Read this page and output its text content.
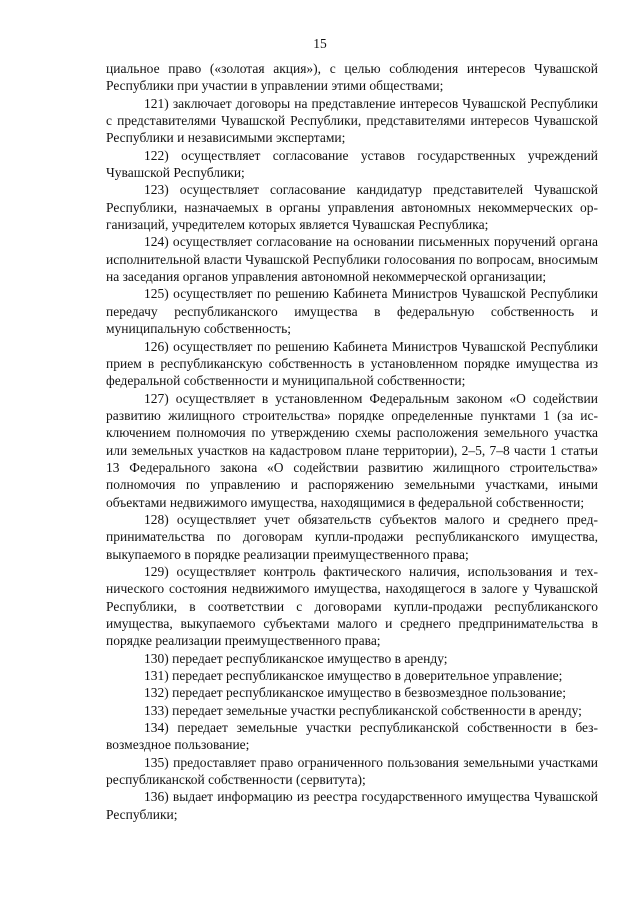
15

циальное право («золотая акция»), с целью соблюдения интересов Чувашской Республики при участии в управлении этими обществами;

121) заключает договоры на представление интересов Чувашской Республики с представителями Чувашской Республики, представителями интересов Чувашской Республики и независимыми экспертами;

122) осуществляет согласование уставов государственных учреждений Чувашской Республики;

123) осуществляет согласование кандидатур представителей Чувашской Республики, назначаемых в органы управления автономных некоммерческих организаций, учредителем которых является Чувашская Республика;

124) осуществляет согласование на основании письменных поручений органа исполнительной власти Чувашской Республики голосования по вопросам, вносимым на заседания органов управления автономной некоммерческой организации;

125) осуществляет по решению Кабинета Министров Чувашской Республики передачу республиканского имущества в федеральную собственность и муниципальную собственность;

126) осуществляет по решению Кабинета Министров Чувашской Республики прием в республиканскую собственность в установленном порядке имущества из федеральной собственности и муниципальной собственности;

127) осуществляет в установленном Федеральным законом «О содействии развитию жилищного строительства» порядке определенные пунктами 1 (за исключением полномочия по утверждению схемы расположения земельного участка или земельных участков на кадастровом плане территории), 2–5, 7–8 части 1 статьи 13 Федерального закона «О содействии развитию жилищного строительства» полномочия по управлению и распоряжению земельными участками, иными объектами недвижимого имущества, находящимися в федеральной собственности;

128) осуществляет учет обязательств субъектов малого и среднего предпринимательства по договорам купли-продажи республиканского имущества, выкупаемого в порядке реализации преимущественного права;

129) осуществляет контроль фактического наличия, использования и технического состояния недвижимого имущества, находящегося в залоге у Чувашской Республики, в соответствии с договорами купли-продажи республиканского имущества, выкупаемого субъектами малого и среднего предпринимательства в порядке реализации преимущественного права;

130) передает республиканское имущество в аренду;

131) передает республиканское имущество в доверительное управление;

132) передает республиканское имущество в безвозмездное пользование;

133) передает земельные участки республиканской собственности в аренду;

134) передает земельные участки республиканской собственности в безвозмездное пользование;

135) предоставляет право ограниченного пользования земельными участками республиканской собственности (сервитута);

136) выдает информацию из реестра государственного имущества Чувашской Республики;
